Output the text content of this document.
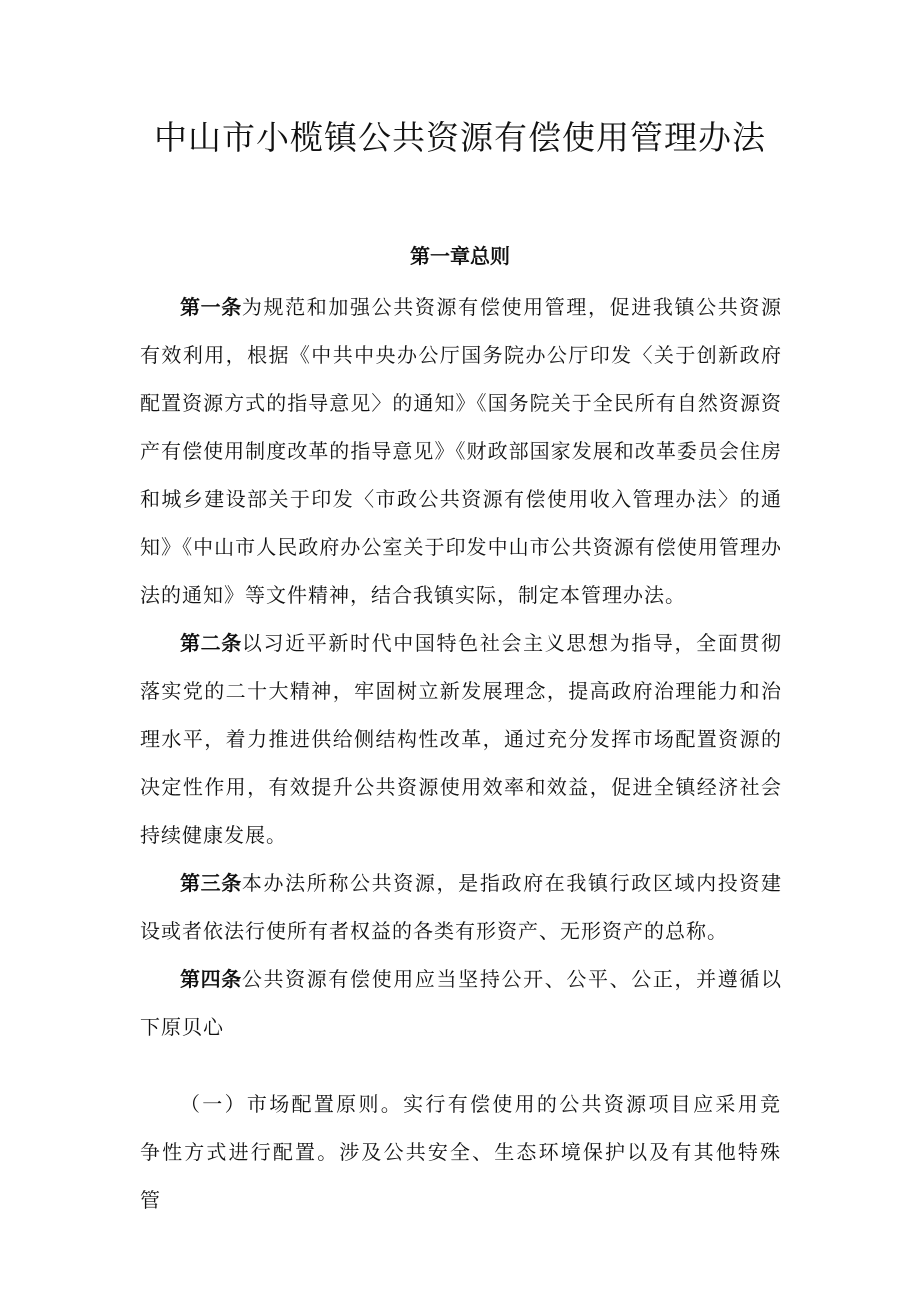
中山市小榄镇公共资源有偿使用管理办法
第一章总则

第一条为规范和加强公共资源有偿使用管理，促进我镇公共资源有效利用，根据《中共中央办公厅国务院办公厅印发〈关于创新政府配置资源方式的指导意见〉的通知》《国务院关于全民所有自然资源资产有偿使用制度改革的指导意见》《财政部国家发展和改革委员会住房和城乡建设部关于印发〈市政公共资源有偿使用收入管理办法〉的通知》《中山市人民政府办公室关于印发中山市公共资源有偿使用管理办法的通知》等文件精神，结合我镇实际，制定本管理办法。

第二条以习近平新时代中国特色社会主义思想为指导，全面贯彻落实党的二十大精神，牢固树立新发展理念，提高政府治理能力和治理水平，着力推进供给侧结构性改革，通过充分发挥市场配置资源的决定性作用，有效提升公共资源使用效率和效益，促进全镇经济社会持续健康发展。

第三条本办法所称公共资源，是指政府在我镇行政区域内投资建设或者依法行使所有者权益的各类有形资产、无形资产的总称。

第四条公共资源有偿使用应当坚持公开、公平、公正，并遵循以下原贝心

（一）市场配置原则。实行有偿使用的公共资源项目应采用竞争性方式进行配置。涉及公共安全、生态环境保护以及有其他特殊管
